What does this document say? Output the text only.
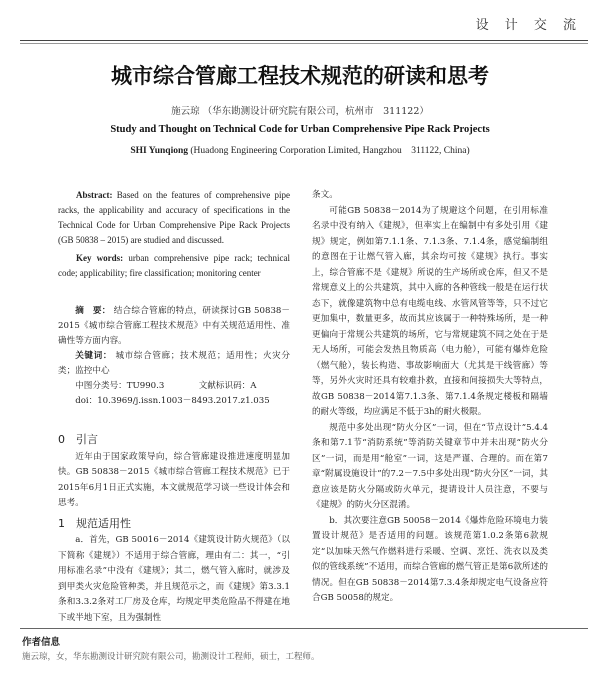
设 计 交 流
城市综合管廊工程技术规范的研读和思考
施云琼 （华东勘测设计研究院有限公司，杭州市　311122）
Study and Thought on Technical Code for Urban Comprehensive Pipe Rack Projects
SHI Yunqiong (Huadong Engineering Corporation Limited, Hangzhou　311122, China)
Abstract: Based on the features of comprehensive pipe racks, the applicability and accuracy of specifications in the Technical Code for Urban Comprehensive Pipe Rack Projects (GB 50838 – 2015) are studied and discussed.
Key words: urban comprehensive pipe rack; technical code; applicability; fire classification; monitoring center
摘　要： 结合综合管廊的特点，研读探讨GB 50838－2015《城市综合管廊工程技术规范》中有关规范适用性、准确性等方面内容。
关键词： 城市综合管廊；技术规范；适用性；火灾分类；监控中心
中图分类号：TU990.3　　　　文献标识码：A
doi：10.3969/j.issn.1003－8493.2017.z1.035
0　引言

近年由于国家政策导向，综合管廊建设推进速度明显加快。GB 50838－2015《城市综合管廊工程技术规范》已于2015年6月1日正式实施，本文就规范学习谈一些设计体会和思考。

1　规范适用性

a．首先，GB 50016－2014《建筑设计防火规范》（以下简称《建规》）不适用于综合管廊，理由有二：其一，“引用标准名录”中没有《建规》；其二，燃气管入廊时，就涉及到甲类火灾危险管种类，并且规范示之，而《建规》第3.3.1条和3.3.2条对工厂房及仓库，均规定甲类危险品不得建在地下或半地下室，且为强制性

条文。

可能GB 50838－2014为了规避这个问题，在引用标准名录中没有纳入《建规》，但率实上在编制中有多处引用《建规》规定，例如第7.1.1条、7.1.3条、7.1.4条，感觉编制组的意图在于让燃气管入廊，其余均可按《建规》执行。事实上，综合管廊不是《建规》所说的生产场所或仓库，但又不是常规意义上的公共建筑，其中入廊的各种管线一般是在运行状态下，就像建筑物中总有电缆电线、水管风管等等，只不过它更加集中，数量更多，故而其应该属于一种特殊场所，是一种更偏向于常规公共建筑的场所，它与常规建筑不同之处在于是无人场所，可能会发热且物质高（电力舱），可能有爆炸危险（燃气舱），装长构造、事故影响面大（尤其是干线管廊）等等，另外火灾时还具有较难扑救，直接和间接损失大等特点，故GB 50838－2014第7.1.3条、第7.1.4条规定楼板和隔墙的耐火等级，均应满足不低于3h的耐火极限。

规范中多处出现“防火分区”一词，但在“节点设计”5.4.4条和第7.1节“消防系统”等消防关键章节中并未出现“防火分区”一词，而是用“舱室”一词，这是严谨、合理的。而在第7章“附属设施设计”的7.2－7.5中多处出现“防火分区”一词，其意应该是防火分隔或防火单元，提请设计人员注意，不要与《建规》的防火分区混淆。

b．其次要注意GB 50058－2014《爆炸危险环境电力装置设计规范》是否适用的问题。该规范第1.0.2条第6款规定“以加味天然气作燃料进行采暖、空调、烹饪、洗衣以及类似的管线系统”不适用，而综合管廊的燃气管正是第6款所述的情况。但在GB 50838－2014第7.3.4条却规定电气设备应符合GB 50058的规定。

作者信息
施云琼，女，华东勘测设计研究院有限公司，勘测设计工程师，硕士，工程师。
